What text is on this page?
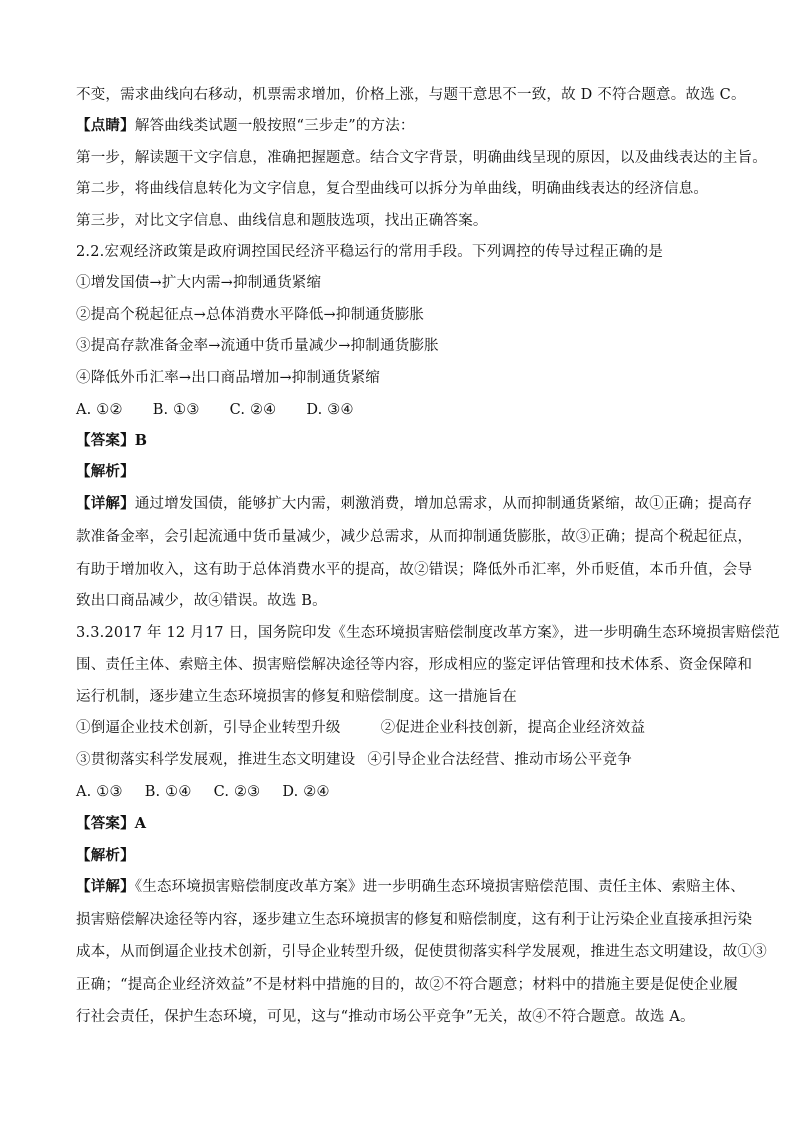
不变，需求曲线向右移动，机票需求增加，价格上涨，与题干意思不一致，故 D 不符合题意。故选 C。
【点睛】解答曲线类试题一般按照“三步走”的方法：
第一步，解读题干文字信息，准确把握题意。结合文字背景，明确曲线呈现的原因，以及曲线表达的主旨。
第二步，将曲线信息转化为文字信息，复合型曲线可以拆分为单曲线，明确曲线表达的经济信息。
第三步，对比文字信息、曲线信息和题肢选项，找出正确答案。
2.2.宏观经济政策是政府调控国民经济平稳运行的常用手段。下列调控的传导过程正确的是
①增发国债→扩大内需→抑制通货紧缩
②提高个税起征点→总体消费水平降低→抑制通货膨胀
③提高存款准备金率→流通中货币量减少→抑制通货膨胀
④降低外币汇率→出口商品增加→抑制通货紧缩
A. ①② B. ①③ C. ②④ D. ③④
【答案】B
【解析】
【详解】通过增发国债，能够扩大内需，刺激消费，增加总需求，从而抑制通货紧缩，故①正确；提高存
款准备金率，会引起流通中货币量减少，减少总需求，从而抑制通货膨胀，故③正确；提高个税起征点，
有助于增加收入，这有助于总体消费水平的提高，故②错误；降低外币汇率，外币贬值，本币升值，会导
致出口商品减少，故④错误。故选 B。
3.3.2017 年 12 月17 日，国务院印发《生态环境损害赔偿制度改革方案》，进一步明确生态环境损害赔偿范
围、责任主体、索赔主体、损害赔偿解决途径等内容，形成相应的鉴定评估管理和技术体系、资金保障和
运行机制，逐步建立生态环境损害的修复和赔偿制度。这一措施旨在
①倒逼企业技术创新，引导企业转型升级	②促进企业科技创新，提高企业经济效益
③贯彻落实科学发展观，推进生态文明建设 ④引导企业合法经营、推动市场公平竞争
A. ①③ B. ①④ C. ②③ D. ②④
【答案】A
【解析】
【详解】《生态环境损害赔偿制度改革方案》进一步明确生态环境损害赔偿范围、责任主体、索赔主体、
损害赔偿解决途径等内容，逐步建立生态环境损害的修复和赔偿制度，这有利于让污染企业直接承担污染
成本，从而倒逼企业技术创新，引导企业转型升级，促使贯彻落实科学发展观，推进生态文明建设，故①③
正确；“提高企业经济效益”不是材料中措施的目的，故②不符合题意；材料中的措施主要是促使企业履
行社会责任，保护生态环境，可见，这与“推动市场公平竞争”无关，故④不符合题意。故选 A。
